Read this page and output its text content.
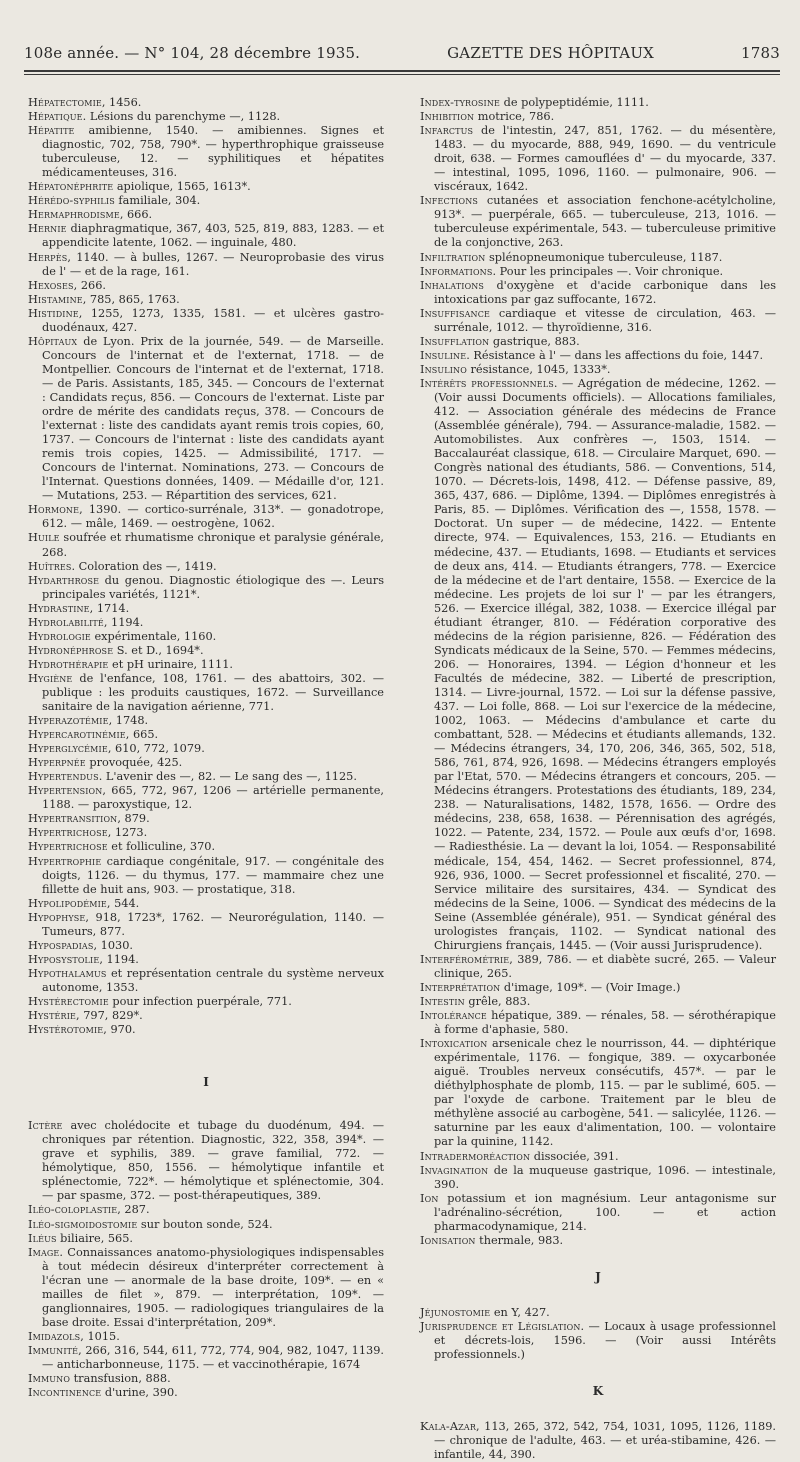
108e année. — N° 104, 28 décembre 1935.	GAZETTE DES HÔPITAUX	1783

Hépatectomie, 1456.

Hépatique. Lésions du parenchyme —, 1128.

Hépatite amibienne, 1540. — amibiennes. Signes et diagnostic, 702, 758, 790*. — hyperthrophique graisseuse tuberculeuse, 12. — syphilitiques et hépatites médicamenteuses, 316.

Hépatonéphrite apiolique, 1565, 1613*.

Hérédo-syphilis familiale, 304.

Hermaphrodisme, 666.

Hernie diaphragmatique, 367, 403, 525, 819, 883, 1283. — et appendicite latente, 1062. — inguinale, 480.

Herpès, 1140. — à bulles, 1267. — Neuroprobasie des virus de l' — et de la rage, 161.

Hexoses, 266.

Histamine, 785, 865, 1763.

Histidine, 1255, 1273, 1335, 1581. — et ulcères gastro-duodénaux, 427.

Hôpitaux de Lyon. Prix de la journée, 549. — de Marseille. Concours de l'internat et de l'externat, 1718. — de Montpellier. Concours de l'internat et de l'externat, 1718. — de Paris. Assistants, 185, 345. — Concours de l'externat : Candidats reçus, 856. — Concours de l'externat. Liste par ordre de mérite des candidats reçus, 378. — Concours de l'externat : liste des candidats ayant remis trois copies, 60, 1737. — Concours de l'internat : liste des candidats ayant remis trois copies, 1425. — Admissibilité, 1717. — Concours de l'internat. Nominations, 273. — Concours de l'Internat. Questions données, 1409. — Médaille d'or, 121. — Mutations, 253. — Répartition des services, 621.

Hormone, 1390. — cortico-surrénale, 313*. — gonadotrope, 612. — mâle, 1469. — oestrogène, 1062.

Huile soufrée et rhumatisme chronique et paralysie générale, 268.

Huîtres. Coloration des —, 1419.

Hydarthrose du genou. Diagnostic étiologique des —. Leurs principales variétés, 1121*.

Hydrastine, 1714.

Hydrolabilité, 1194.

Hydrologie expérimentale, 1160.

Hydronéphrose S. et D., 1694*.

Hydrothérapie et pH urinaire, 1111.

Hygiène de l'enfance, 108, 1761. — des abattoirs, 302. — publique : les produits caustiques, 1672. — Surveillance sanitaire de la navigation aérienne, 771.

Hyperazotémie, 1748.

Hypercarotinémie, 665.

Hyperglycémie, 610, 772, 1079.

Hyperpnée provoquée, 425.

Hypertendus. L'avenir des —, 82. — Le sang des —, 1125.

Hypertension, 665, 772, 967, 1206 — artérielle permanente, 1188. — paroxystique, 12.

Hypertransition, 879.

Hypertrichose, 1273.

Hypertrichose et folliculine, 370.

Hypertrophie cardiaque congénitale, 917. — congénitale des doigts, 1126. — du thymus, 177. — mammaire chez une fillette de huit ans, 903. — prostatique, 318.

Hypolipodémie, 544.

Hypophyse, 918, 1723*, 1762. — Neurorégulation, 1140. — Tumeurs, 877.

Hypospadias, 1030.

Hyposystolie, 1194.

Hypothalamus et représentation centrale du système nerveux autonome, 1353.

Hystérectomie pour infection puerpérale, 771.

Hystérie, 797, 829*.

Hystérotomie, 970.

I

Ictère avec cholédocite et tubage du duodénum, 494. — chroniques par rétention. Diagnostic, 322, 358, 394*. — grave et syphilis, 389. — grave familial, 772. — hémolytique, 850, 1556. — hémolytique infantile et splénectomie, 722*. — hémolytique et splénectomie, 304. — par spasme, 372. — post-thérapeutiques, 389.

Iléo-coloplastie, 287.

Iléo-sigmoidostomie sur bouton sonde, 524.

Iléus biliaire, 565.

Image. Connaissances anatomo-physiologiques indispensables à tout médecin désireux d'interpréter correctement à l'écran une — anormale de la base droite, 109*. — en « mailles de filet », 879. — interprétation, 109*. — ganglionnaires, 1905. — radiologiques triangulaires de la base droite. Essai d'interprétation, 209*.

Imidazols, 1015.

Immunité, 266, 316, 544, 611, 772, 774, 904, 982, 1047, 1139. — anticharbonneuse, 1175. — et vaccinothérapie, 1674

Immuno transfusion, 888.

Incontinence d'urine, 390.

Index-tyrosine de polypeptidémie, 1111.

Inhibition motrice, 786.

Infarctus de l'intestin, 247, 851, 1762. — du mésentère, 1483. — du myocarde, 888, 949, 1690. — du ventricule droit, 638. — Formes camouflées d' — du myocarde, 337. — intestinal, 1095, 1096, 1160. — pulmonaire, 906. — viscéraux, 1642.

Infections cutanées et association fenchone-acétylcholine, 913*. — puerpérale, 665. — tuberculeuse, 213, 1016. — tuberculeuse expérimentale, 543. — tuberculeuse primitive de la conjonctive, 263.

Infiltration splénopneumonique tuberculeuse, 1187.

Informations. Pour les principales —. Voir chronique.

Inhalations d'oxygène et d'acide carbonique dans les intoxications par gaz suffocante, 1672.

Insuffisance cardiaque et vitesse de circulation, 463. — surrénale, 1012. — thyroïdienne, 316.

Insufflation gastrique, 883.

Insuline. Résistance à l' — dans les affections du foie, 1447.

Insulino résistance, 1045, 1333*.

Intérêts professionnels. — Agrégation de médecine, 1262. — (Voir aussi Documents officiels). — Allocations familiales, 412. — Association générale des médecins de France (Assemblée générale), 794. — Assurance-maladie, 1582. — Automobilistes. Aux confrères —, 1503, 1514. — Baccalauréat classique, 618. — Circulaire Marquet, 690. — Congrès national des étudiants, 586. — Conventions, 514, 1070. — Décrets-lois, 1498, 412. — Défense passive, 89, 365, 437, 686. — Diplôme, 1394. — Diplômes enregistrés à Paris, 85. — Diplômes. Vérification des —, 1558, 1578. — Doctorat. Un super — de médecine, 1422. — Entente directe, 974. — Equivalences, 153, 216. — Etudiants en médecine, 437. — Etudiants, 1698. — Etudiants et services de deux ans, 414. — Etudiants étrangers, 778. — Exercice de la médecine et de l'art dentaire, 1558. — Exercice de la médecine. Les projets de loi sur l' — par les étrangers, 526. — Exercice illégal, 382, 1038. — Exercice illégal par étudiant étranger, 810. — Fédération corporative des médecins de la région parisienne, 826. — Fédération des Syndicats médicaux de la Seine, 570. — Femmes médecins, 206. — Honoraires, 1394. — Légion d'honneur et les Facultés de médecine, 382. — Liberté de prescription, 1314. — Livre-journal, 1572. — Loi sur la défense passive, 437. — Loi folle, 868. — Loi sur l'exercice de la médecine, 1002, 1063. — Médecins d'ambulance et carte du combattant, 528. — Médecins et étudiants allemands, 132. — Médecins étrangers, 34, 170, 206, 346, 365, 502, 518, 586, 761, 874, 926, 1698. — Médecins étrangers employés par l'Etat, 570. — Médecins étrangers et concours, 205. — Médecins étrangers. Protestations des étudiants, 189, 234, 238. — Naturalisations, 1482, 1578, 1656. — Ordre des médecins, 238, 658, 1638. — Pérennisation des agrégés, 1022. — Patente, 234, 1572. — Poule aux œufs d'or, 1698. — Radiesthésie. La — devant la loi, 1054. — Responsabilité médicale, 154, 454, 1462. — Secret professionnel, 874, 926, 936, 1000. — Secret professionnel et fiscalité, 270. — Service militaire des sursitaires, 434. — Syndicat des médecins de la Seine, 1006. — Syndicat des médecins de la Seine (Assemblée générale), 951. — Syndicat général des urologistes français, 1102. — Syndicat national des Chirurgiens français, 1445. — (Voir aussi Jurisprudence).

Interférométrie, 389, 786. — et diabète sucré, 265. — Valeur clinique, 265.

Interprétation d'image, 109*. — (Voir Image.)

Intestin grêle, 883.

Intolérance hépatique, 389. — rénales, 58. — sérothérapique à forme d'aphasie, 580.

Intoxication arsenicale chez le nourrisson, 44. — diphtérique expérimentale, 1176. — fongique, 389. — oxycarbonée aiguë. Troubles nerveux consécutifs, 457*. — par le diéthylphosphate de plomb, 115. — par le sublimé, 605. — par l'oxyde de carbone. Traitement par le bleu de méthylène associé au carbogène, 541. — salicylée, 1126. — saturnine par les eaux d'alimentation, 100. — volontaire par la quinine, 1142.

Intradermoréaction dissociée, 391.

Invagination de la muqueuse gastrique, 1096. — intestinale, 390.

Ion potassium et ion magnésium. Leur antagonisme sur l'adrénalino-sécrétion, 100. — et action pharmacodynamique, 214.

Ionisation thermale, 983.

J

Jéjunostomie en Y, 427.

Jurisprudence et Législation. — Locaux à usage professionnel et décrets-lois, 1596. — (Voir aussi Intérêts professionnels.)

K

Kala-Azar, 113, 265, 372, 542, 754, 1031, 1095, 1126, 1189. — chronique de l'adulte, 463. — et uréa-stibamine, 426. — infantile, 44, 390.
